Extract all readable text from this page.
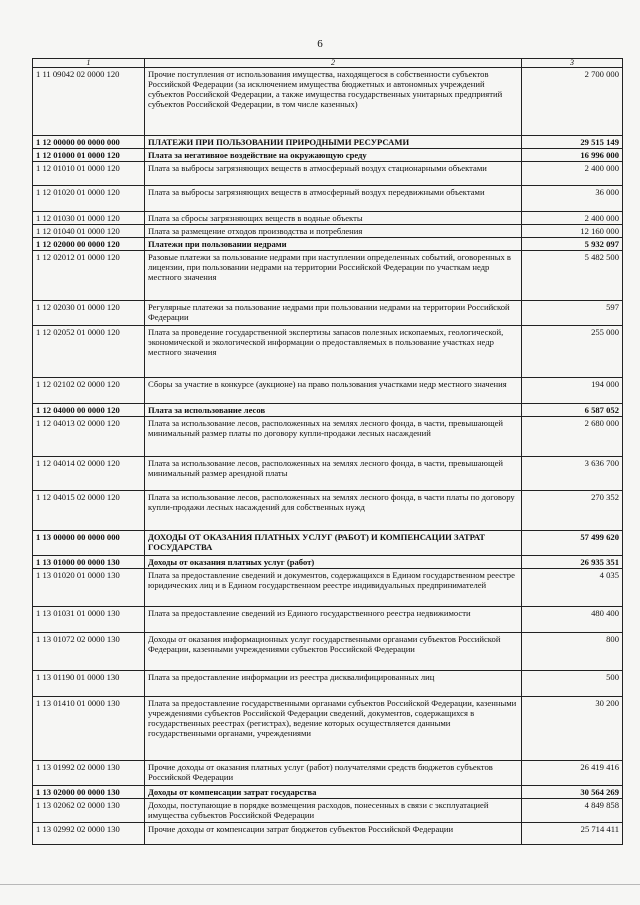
6
1	2	3
1 11 09042 02 0000 120	Прочие поступления от использования имущества, находящегося в собственности субъектов Российской Федерации (за исключением имущества бюджетных и автономных учреждений субъектов Российской Федерации, а также имущества государственных унитарных предприятий субъектов Российской Федерации, в том числе казенных)	2 700 000
1 12 00000 00 0000 000	ПЛАТЕЖИ ПРИ ПОЛЬЗОВАНИИ ПРИРОДНЫМИ РЕСУРСАМИ	29 515 149
1 12 01000 01 0000 120	Плата за негативное воздействие на окружающую среду	16 996 000
1 12 01010 01 0000 120	Плата за выбросы загрязняющих веществ в атмосферный воздух стационарными объектами	2 400 000
1 12 01020 01 0000 120	Плата за выбросы загрязняющих веществ в атмосферный воздух передвижными объектами	36 000
1 12 01030 01 0000 120	Плата за сбросы загрязняющих веществ в водные объекты	2 400 000
1 12 01040 01 0000 120	Плата за размещение отходов производства и потребления	12 160 000
1 12 02000 00 0000 120	Платежи при пользовании недрами	5 932 097
1 12 02012 01 0000 120	Разовые платежи за пользование недрами при наступлении определенных событий, оговоренных в лицензии, при пользовании недрами на территории Российской Федерации по участкам недр местного значения	5 482 500
1 12 02030 01 0000 120	Регулярные платежи за пользование недрами при пользовании недрами на территории Российской Федерации	597
1 12 02052 01 0000 120	Плата за проведение государственной экспертизы запасов полезных ископаемых, геологической, экономической и экологической информации о предоставляемых в пользование участках недр местного значения	255 000
1 12 02102 02 0000 120	Сборы за участие в конкурсе (аукционе) на право пользования участками недр местного значения	194 000
1 12 04000 00 0000 120	Плата за использование лесов	6 587 052
1 12 04013 02 0000 120	Плата за использование лесов, расположенных на землях лесного фонда, в части, превышающей минимальный размер платы по договору купли-продажи лесных насаждений	2 680 000
1 12 04014 02 0000 120	Плата за использование лесов, расположенных на землях лесного фонда, в части, превышающей минимальный размер арендной платы	3 636 700
1 12 04015 02 0000 120	Плата за использование лесов, расположенных на землях лесного фонда, в части платы по договору купли-продажи лесных насаждений для собственных нужд	270 352
1 13 00000 00 0000 000	ДОХОДЫ ОТ ОКАЗАНИЯ ПЛАТНЫХ УСЛУГ (РАБОТ) И КОМПЕНСАЦИИ ЗАТРАТ ГОСУДАРСТВА	57 499 620
1 13 01000 00 0000 130	Доходы от оказания платных услуг (работ)	26 935 351
1 13 01020 01 0000 130	Плата за предоставление сведений и документов, содержащихся в Едином государственном реестре юридических лиц и в Едином государственном реестре индивидуальных предпринимателей	4 035
1 13 01031 01 0000 130	Плата за предоставление сведений из Единого государственного реестра недвижимости	480 400
1 13 01072 02 0000 130	Доходы от оказания информационных услуг государственными органами субъектов Российской Федерации, казенными учреждениями субъектов Российской Федерации	800
1 13 01190 01 0000 130	Плата за предоставление информации из реестра дисквалифицированных лиц	500
1 13 01410 01 0000 130	Плата за предоставление государственными органами субъектов Российской Федерации, казенными учреждениями субъектов Российской Федерации сведений, документов, содержащихся в государственных реестрах (регистрах), ведение которых осуществляется данными государственными органами, учреждениями	30 200
1 13 01992 02 0000 130	Прочие доходы от оказания платных услуг (работ) получателями средств бюджетов субъектов Российской Федерации	26 419 416
1 13 02000 00 0000 130	Доходы от компенсации затрат государства	30 564 269
1 13 02062 02 0000 130	Доходы, поступающие в порядке возмещения расходов, понесенных в связи с эксплуатацией имущества субъектов Российской Федерации	4 849 858
1 13 02992 02 0000 130	Прочие доходы от компенсации затрат бюджетов субъектов Российской Федерации	25 714 411
